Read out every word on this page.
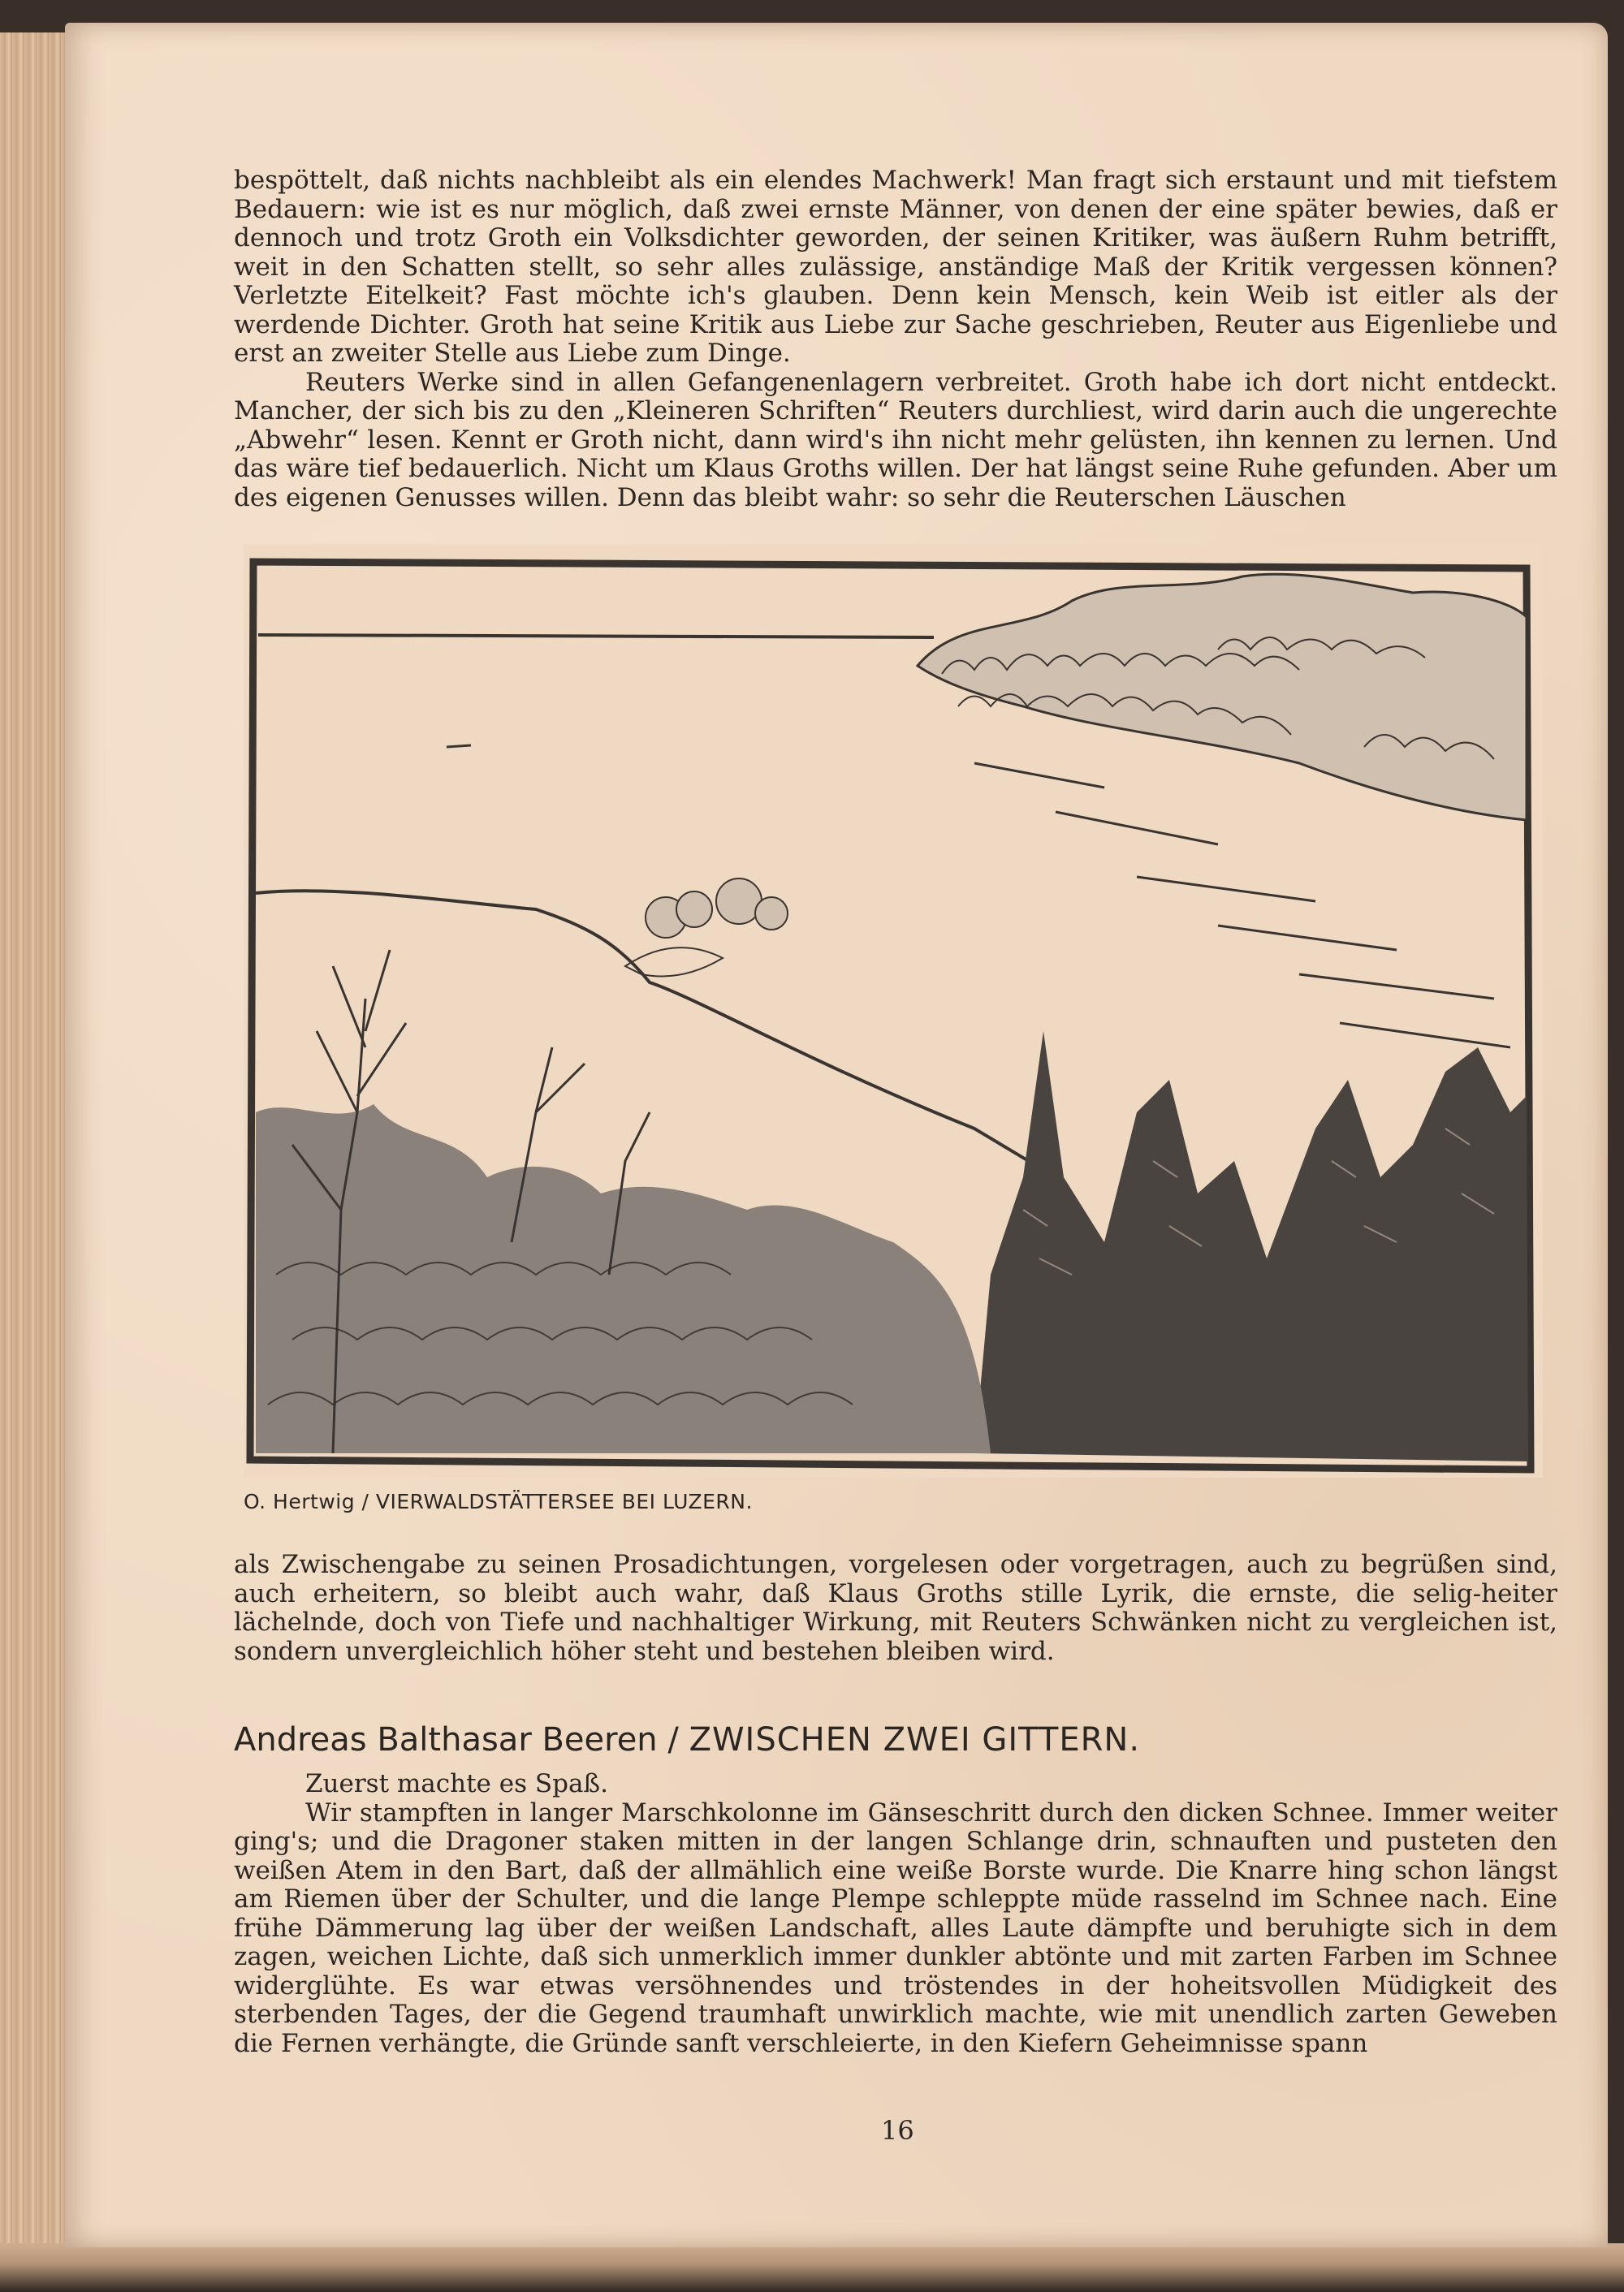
bespöttelt, daß nichts nachbleibt als ein elendes Machwerk! Man fragt sich erstaunt und mit tiefstem Bedauern: wie ist es nur möglich, daß zwei ernste Männer, von denen der eine später bewies, daß er dennoch und trotz Groth ein Volksdichter geworden, der seinen Kritiker, was äußern Ruhm betrifft, weit in den Schatten stellt, so sehr alles zulässige, anständige Maß der Kritik vergessen können? Verletzte Eitelkeit? Fast möchte ich's glauben. Denn kein Mensch, kein Weib ist eitler als der werdende Dichter. Groth hat seine Kritik aus Liebe zur Sache geschrieben, Reuter aus Eigenliebe und erst an zweiter Stelle aus Liebe zum Dinge.

Reuters Werke sind in allen Gefangenenlagern verbreitet. Groth habe ich dort nicht entdeckt. Mancher, der sich bis zu den „Kleineren Schriften“ Reuters durchliest, wird darin auch die ungerechte „Abwehr“ lesen. Kennt er Groth nicht, dann wird's ihn nicht mehr gelüsten, ihn kennen zu lernen. Und das wäre tief bedauerlich. Nicht um Klaus Groths willen. Der hat längst seine Ruhe gefunden. Aber um des eigenen Genusses willen. Denn das bleibt wahr: so sehr die Reuterschen Läuschen

O. Hertwig / VIERWALDSTÄTTERSEE BEI LUZERN.

als Zwischengabe zu seinen Prosadichtungen, vorgelesen oder vorgetragen, auch zu begrüßen sind, auch erheitern, so bleibt auch wahr, daß Klaus Groths stille Lyrik, die ernste, die selig-heiter lächelnde, doch von Tiefe und nachhaltiger Wirkung, mit Reuters Schwänken nicht zu vergleichen ist, sondern unvergleichlich höher steht und bestehen bleiben wird.

Andreas Balthasar Beeren / ZWISCHEN ZWEI GITTERN.

Zuerst machte es Spaß.

Wir stampften in langer Marschkolonne im Gänseschritt durch den dicken Schnee. Immer weiter ging's; und die Dragoner staken mitten in der langen Schlange drin, schnauften und pusteten den weißen Atem in den Bart, daß der allmählich eine weiße Borste wurde. Die Knarre hing schon längst am Riemen über der Schulter, und die lange Plempe schleppte müde rasselnd im Schnee nach. Eine frühe Dämmerung lag über der weißen Landschaft, alles Laute dämpfte und beruhigte sich in dem zagen, weichen Lichte, daß sich unmerklich immer dunkler abtönte und mit zarten Farben im Schnee widerglühte. Es war etwas versöhnendes und tröstendes in der hoheitsvollen Müdigkeit des sterbenden Tages, der die Gegend traumhaft unwirklich machte, wie mit unendlich zarten Geweben die Fernen verhängte, die Gründe sanft verschleierte, in den Kiefern Geheimnisse spann

16
